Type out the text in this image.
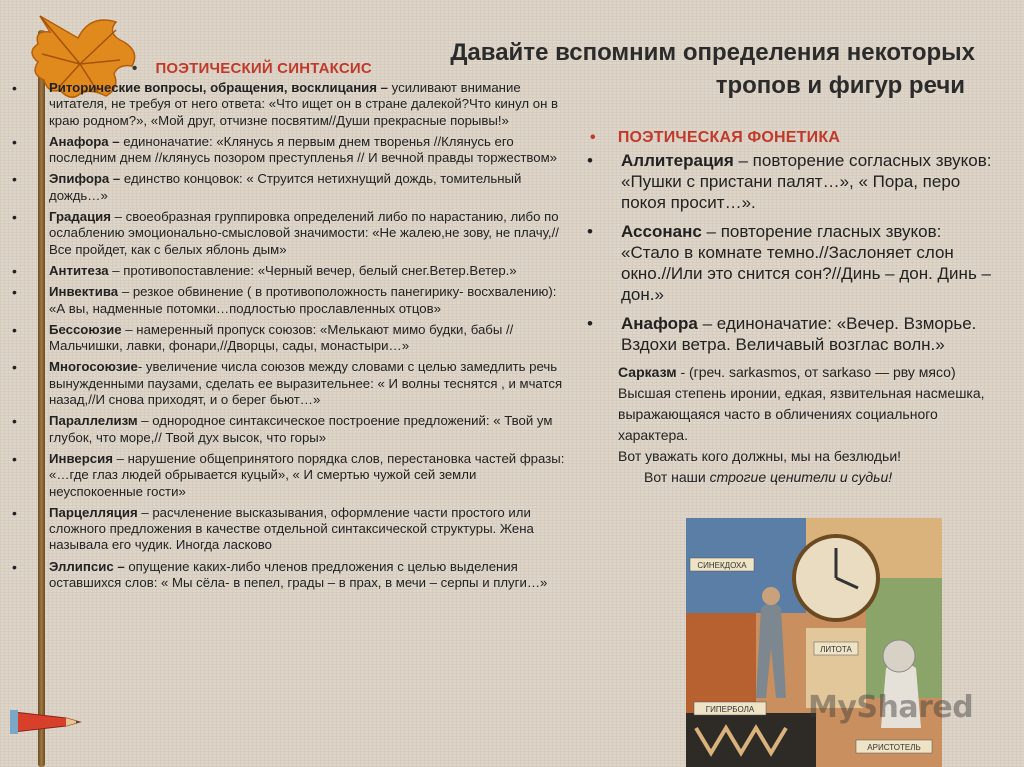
Давайте вспомним определения некоторых
тропов и фигур речи
• ПОЭТИЧЕСКИЙ СИНТАКСИС
• Риторические вопросы, обращения, восклицания – усиливают внимание читателя, не требуя от него ответа: «Что ищет он в стране далекой?Что кинул он в краю родном?», «Мой друг, отчизне посвятим//Души прекрасные порывы!»
• Анафора – единоначатие: «Клянусь я первым днем творенья //Клянусь его последним днем //клянусь позором преступленья // И вечной правды торжеством»
• Эпифора – единство концовок: « Струится нетихнущий дождь, томительный дождь…»
• Градация – своеобразная группировка определений либо по нарастанию, либо по ослаблению эмоционально-смысловой значимости: «Не жалею,не зову, не плачу,//Все пройдет, как с белых яблонь дым»
• Антитеза – противопоставление: «Черный вечер, белый снег.Ветер.Ветер.»
• Инвектива – резкое обвинение ( в противоположность панегирику- восхвалению): «А вы, надменные потомки…подлостью прославленных отцов»
• Бессоюзие – намеренный пропуск союзов: «Мелькают мимо будки, бабы //Мальчишки, лавки, фонари,//Дворцы, сады, монастыри…»
• Многосоюзие- увеличение числа союзов между словами с целью замедлить речь вынужденными паузами, сделать ее выразительнее: « И волны теснятся , и мчатся назад,//И снова приходят, и о берег бьют…»
• Параллелизм – однородное синтаксическое построение предложений: « Твой ум глубок, что море,// Твой дух высок, что горы»
• Инверсия – нарушение общепринятого порядка слов, перестановка частей фразы: «…где глаз людей обрывается куцый», « И смертью чужой сей земли неуспокоенные гости»
• Парцелляция – расчленение высказывания, оформление части простого или сложного предложения в качестве отдельной синтаксической структуры. Жена называла его чудик. Иногда ласково
• Эллипсис – опущение каких-либо членов предложения с целью выделения оставшихся слов: « Мы сёла- в пепел, грады – в прах, в мечи – серпы и плуги…»
• ПОЭТИЧЕСКАЯ ФОНЕТИКА
• Аллитерация – повторение согласных звуков: «Пушки с пристани палят…», « Пора, перо покоя просит…».
• Ассонанс – повторение гласных звуков: «Стало в комнате темно.//Заслоняет слон окно.//Или это снится сон?//Динь – дон. Динь – дон.»
• Анафора – единоначатие: «Вечер. Взморье. Вздохи ветра. Величавый возглас волн.»
Сарказм - (греч. sarkasmos, от sarkaso — рву мясо) Высшая степень иронии, едкая, язвительная насмешка, выражающаяся часто в обличениях социального характера.
Вот уважать кого должны, мы на безлюдьи!
Вот наши строгие ценители и судьи!
СИНЕКДОХА
ЛИТОТА
ГИПЕРБОЛА
АРИСТОТЕЛЬ
MyShared
